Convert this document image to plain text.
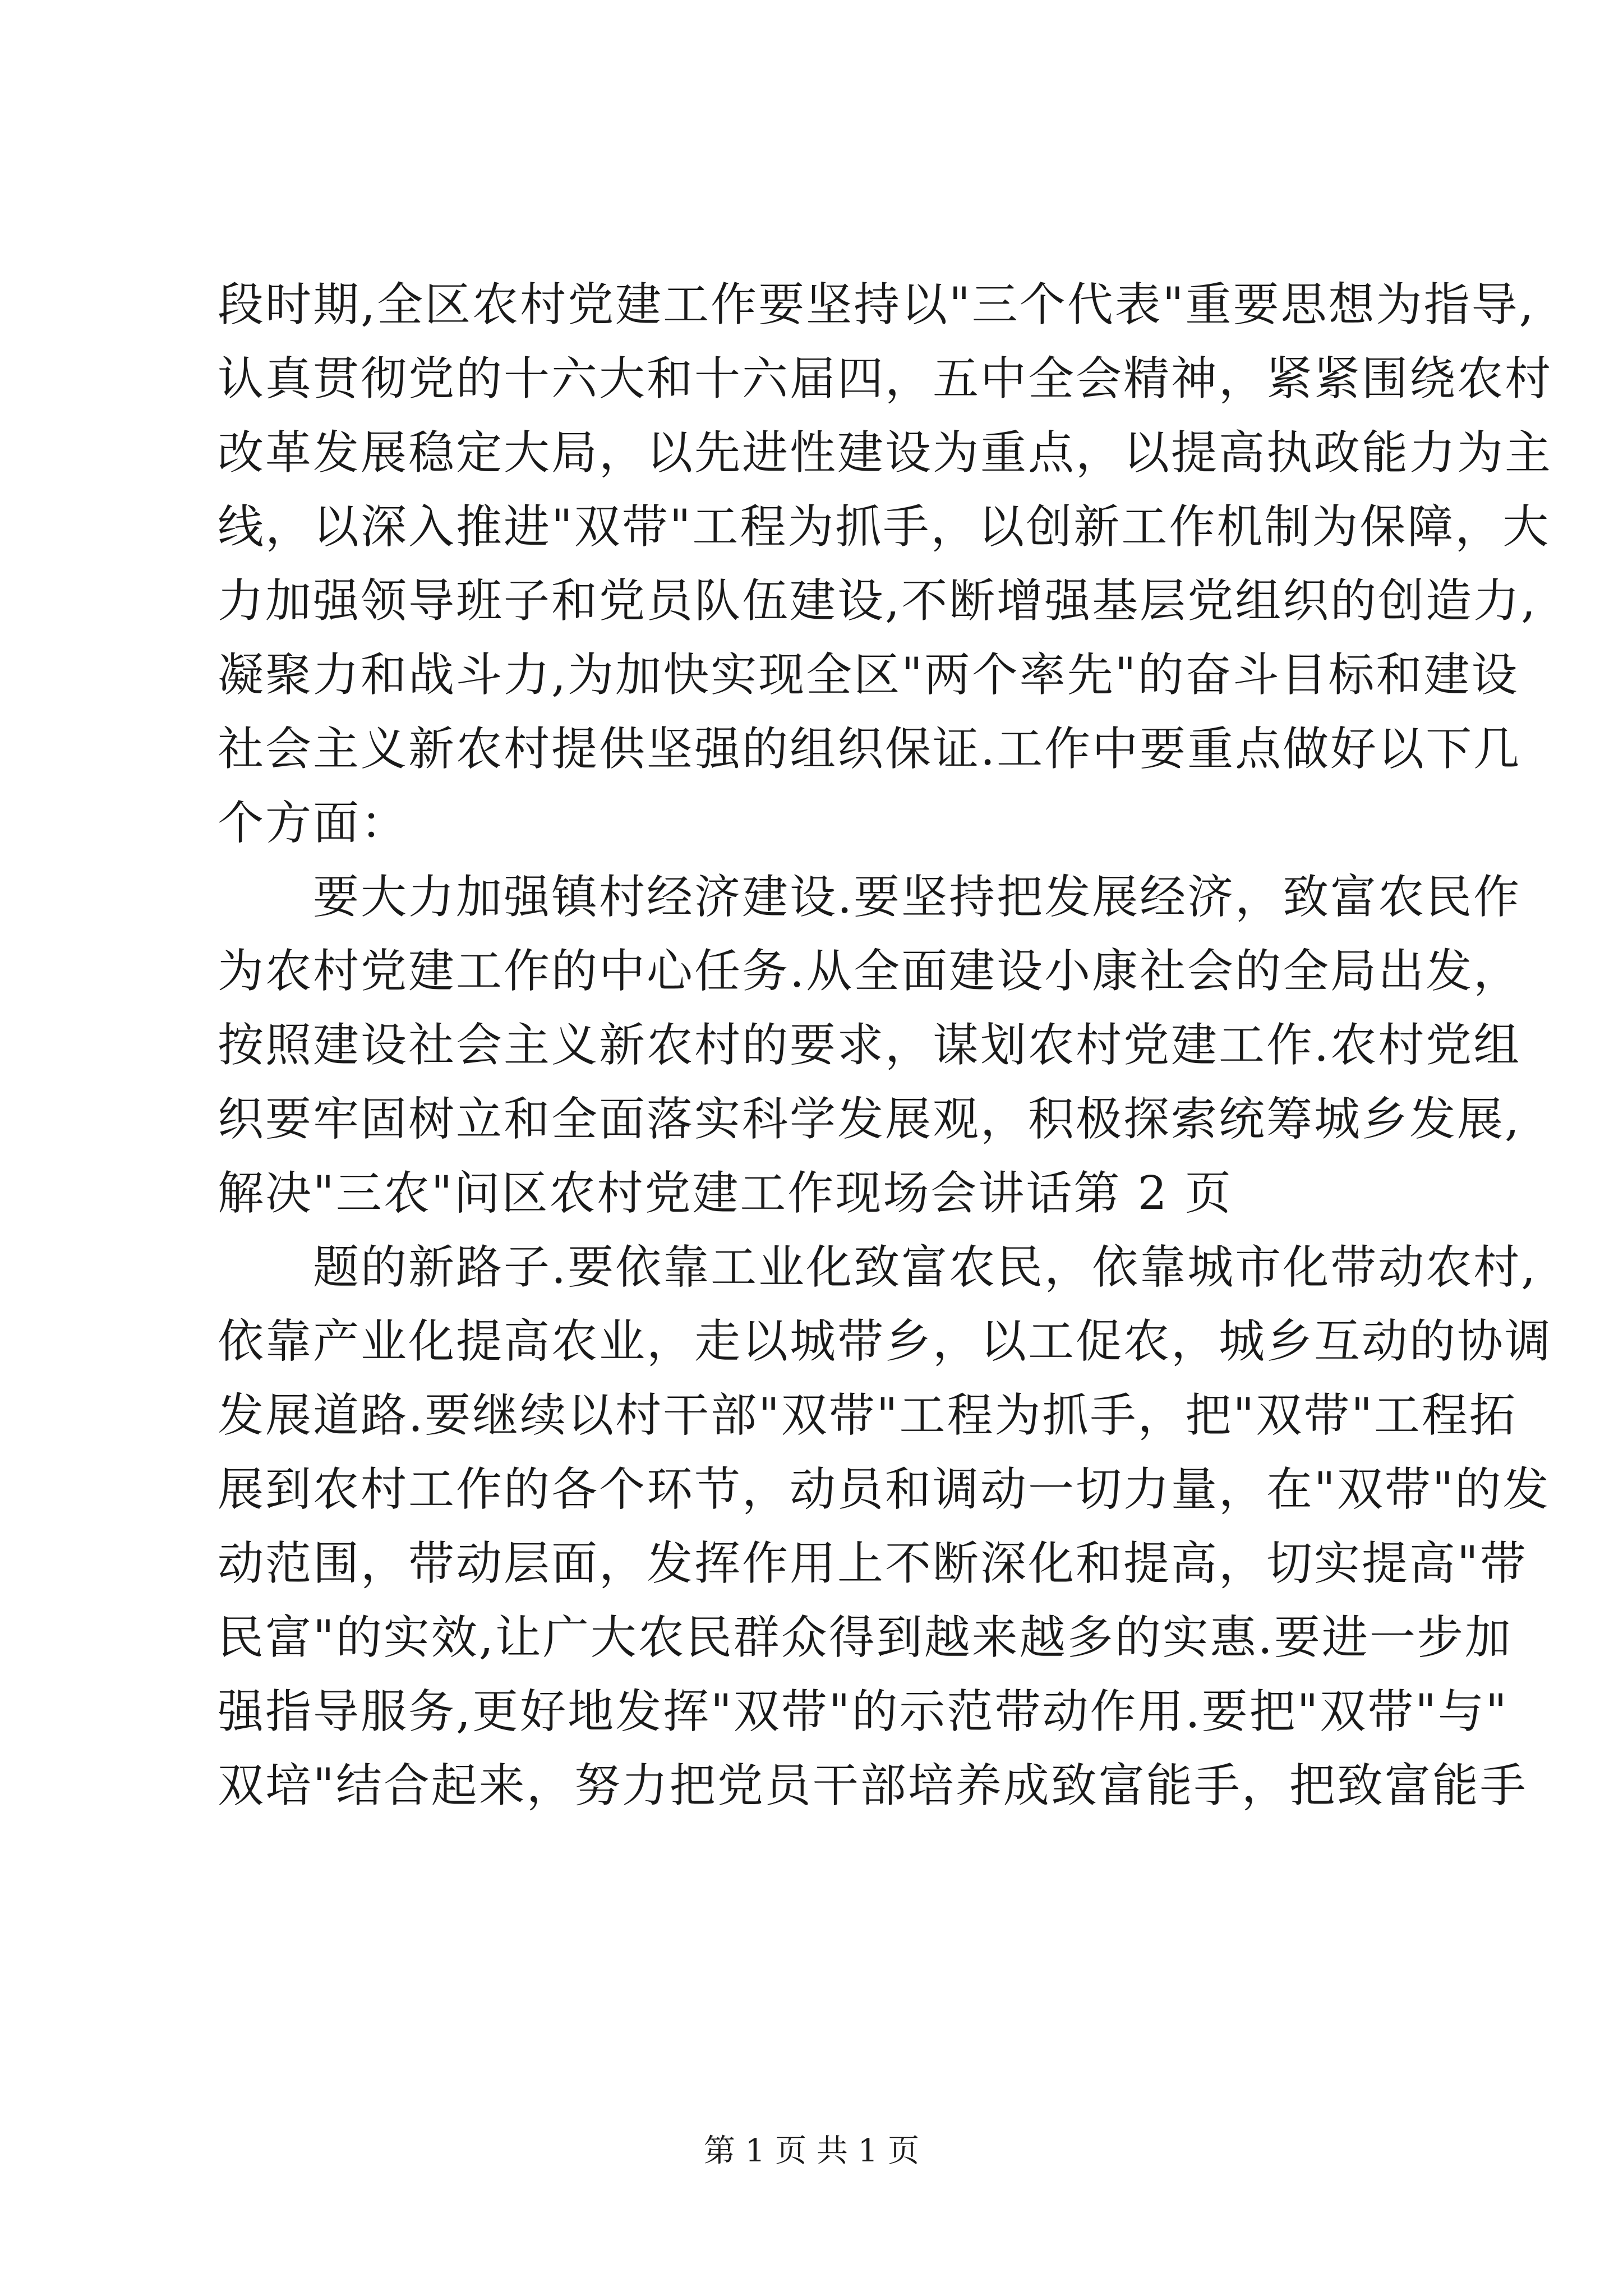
段时期,全区农村党建工作要坚持以"三个代表"重要思想为指导,
认真贯彻党的十六大和十六届四，五中全会精神，紧紧围绕农村
改革发展稳定大局，以先进性建设为重点，以提高执政能力为主
线，以深入推进"双带"工程为抓手，以创新工作机制为保障，大
力加强领导班子和党员队伍建设,不断增强基层党组织的创造力,
凝聚力和战斗力,为加快实现全区"两个率先"的奋斗目标和建设
社会主义新农村提供坚强的组织保证.工作中要重点做好以下几
个方面：
　　要大力加强镇村经济建设.要坚持把发展经济，致富农民作
为农村党建工作的中心任务.从全面建设小康社会的全局出发，
按照建设社会主义新农村的要求，谋划农村党建工作.农村党组
织要牢固树立和全面落实科学发展观，积极探索统筹城乡发展,
解决"三农"问区农村党建工作现场会讲话第 2 页
　　题的新路子.要依靠工业化致富农民，依靠城市化带动农村,
依靠产业化提高农业，走以城带乡，以工促农，城乡互动的协调
发展道路.要继续以村干部"双带"工程为抓手，把"双带"工程拓
展到农村工作的各个环节，动员和调动一切力量，在"双带"的发
动范围，带动层面，发挥作用上不断深化和提高，切实提高"带
民富"的实效,让广大农民群众得到越来越多的实惠.要进一步加
强指导服务,更好地发挥"双带"的示范带动作用.要把"双带"与"
双培"结合起来，努力把党员干部培养成致富能手，把致富能手
第 1 页 共 1 页
